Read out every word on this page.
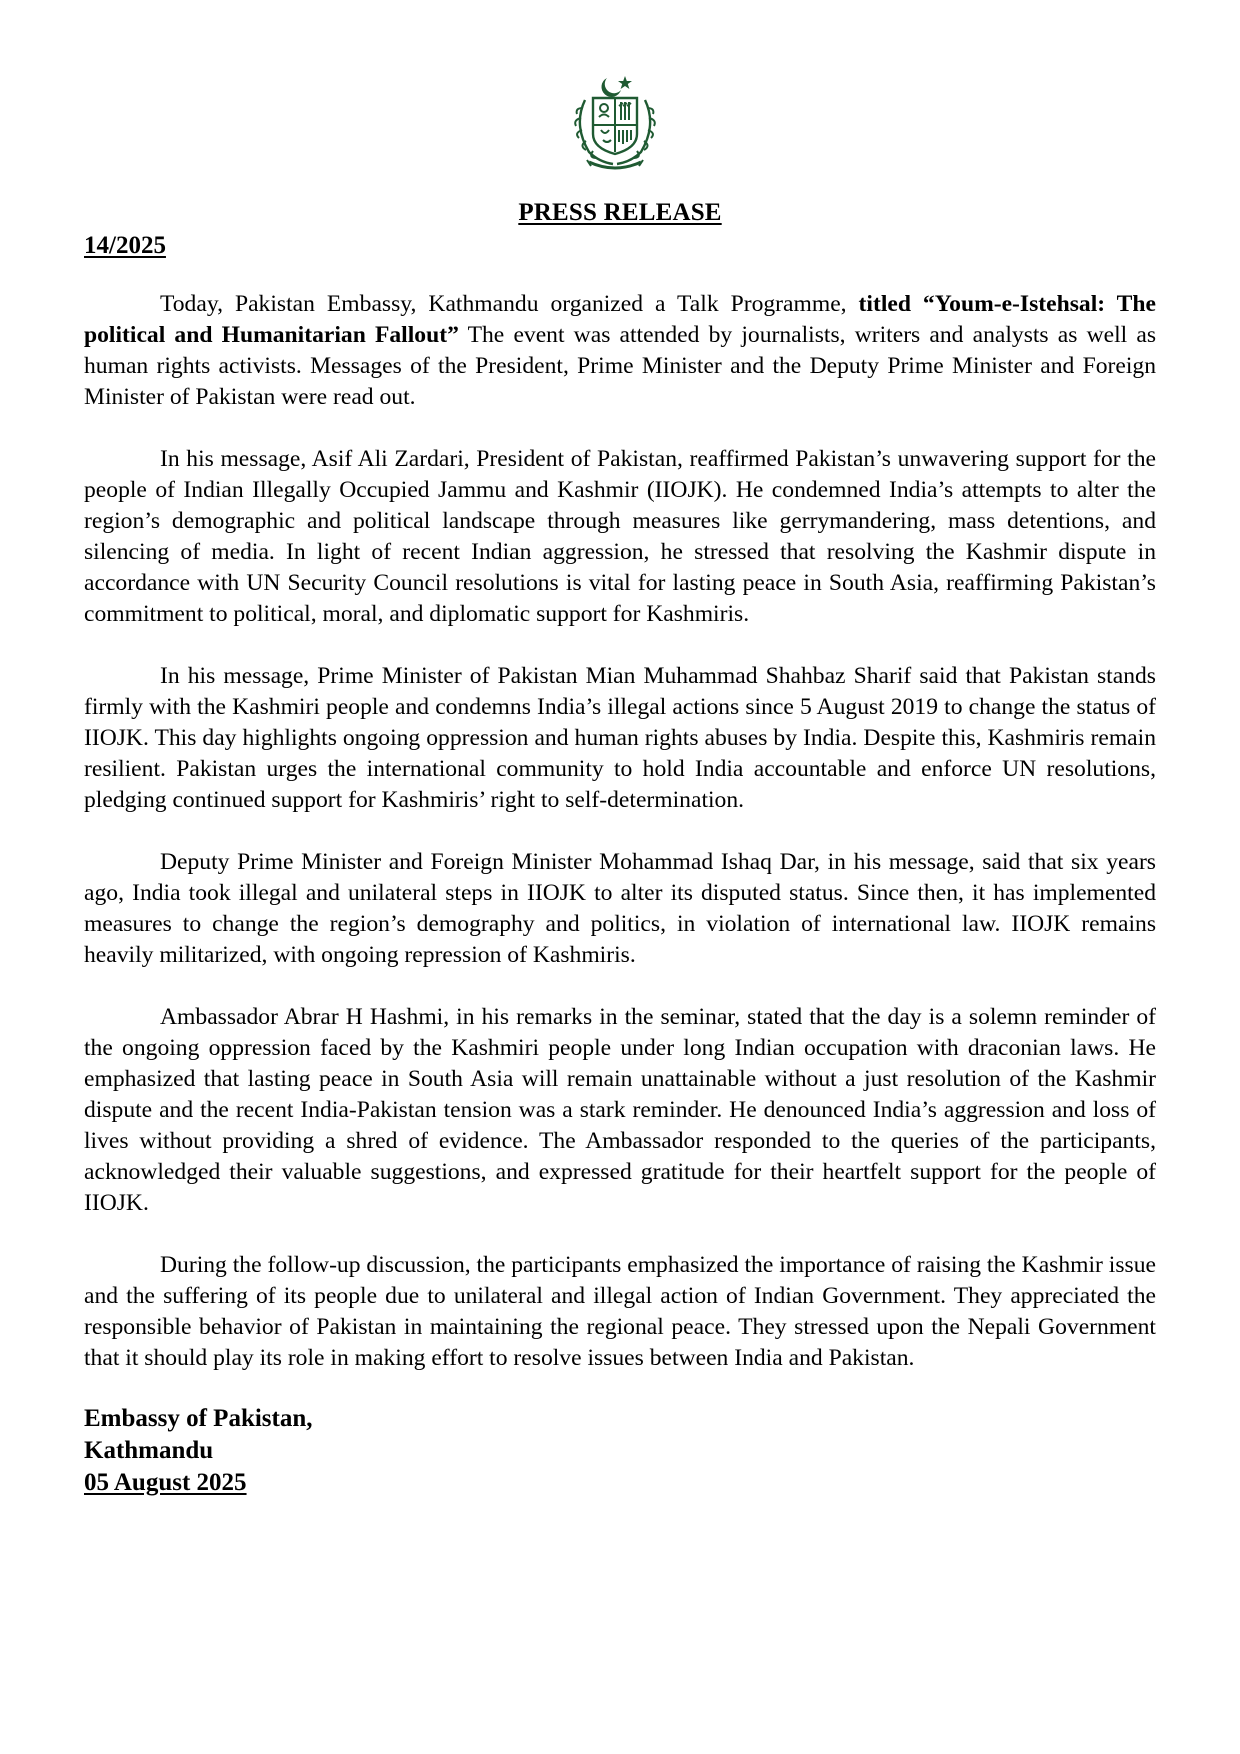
PRESS RELEASE
14/2025

Today, Pakistan Embassy, Kathmandu organized a Talk Programme, titled “Youm-e-Istehsal: The political and Humanitarian Fallout” The event was attended by journalists, writers and analysts as well as human rights activists. Messages of the President, Prime Minister and the Deputy Prime Minister and Foreign Minister of Pakistan were read out.

In his message, Asif Ali Zardari, President of Pakistan, reaffirmed Pakistan’s unwavering support for the people of Indian Illegally Occupied Jammu and Kashmir (IIOJK). He condemned India’s attempts to alter the region’s demographic and political landscape through measures like gerrymandering, mass detentions, and silencing of media. In light of recent Indian aggression, he stressed that resolving the Kashmir dispute in accordance with UN Security Council resolutions is vital for lasting peace in South Asia, reaffirming Pakistan’s commitment to political, moral, and diplomatic support for Kashmiris.

In his message, Prime Minister of Pakistan Mian Muhammad Shahbaz Sharif said that Pakistan stands firmly with the Kashmiri people and condemns India’s illegal actions since 5 August 2019 to change the status of IIOJK. This day highlights ongoing oppression and human rights abuses by India. Despite this, Kashmiris remain resilient. Pakistan urges the international community to hold India accountable and enforce UN resolutions, pledging continued support for Kashmiris’ right to self-determination.

Deputy Prime Minister and Foreign Minister Mohammad Ishaq Dar, in his message, said that six years ago, India took illegal and unilateral steps in IIOJK to alter its disputed status. Since then, it has implemented measures to change the region’s demography and politics, in violation of international law. IIOJK remains heavily militarized, with ongoing repression of Kashmiris.

Ambassador Abrar H Hashmi, in his remarks in the seminar, stated that the day is a solemn reminder of the ongoing oppression faced by the Kashmiri people under long Indian occupation with draconian laws. He emphasized that lasting peace in South Asia will remain unattainable without a just resolution of the Kashmir dispute and the recent India-Pakistan tension was a stark reminder. He denounced India’s aggression and loss of lives without providing a shred of evidence. The Ambassador responded to the queries of the participants, acknowledged their valuable suggestions, and expressed gratitude for their heartfelt support for the people of IIOJK.

During the follow-up discussion, the participants emphasized the importance of raising the Kashmir issue and the suffering of its people due to unilateral and illegal action of Indian Government. They appreciated the responsible behavior of Pakistan in maintaining the regional peace. They stressed upon the Nepali Government that it should play its role in making effort to resolve issues between India and Pakistan.

Embassy of Pakistan,
Kathmandu
05 August 2025
